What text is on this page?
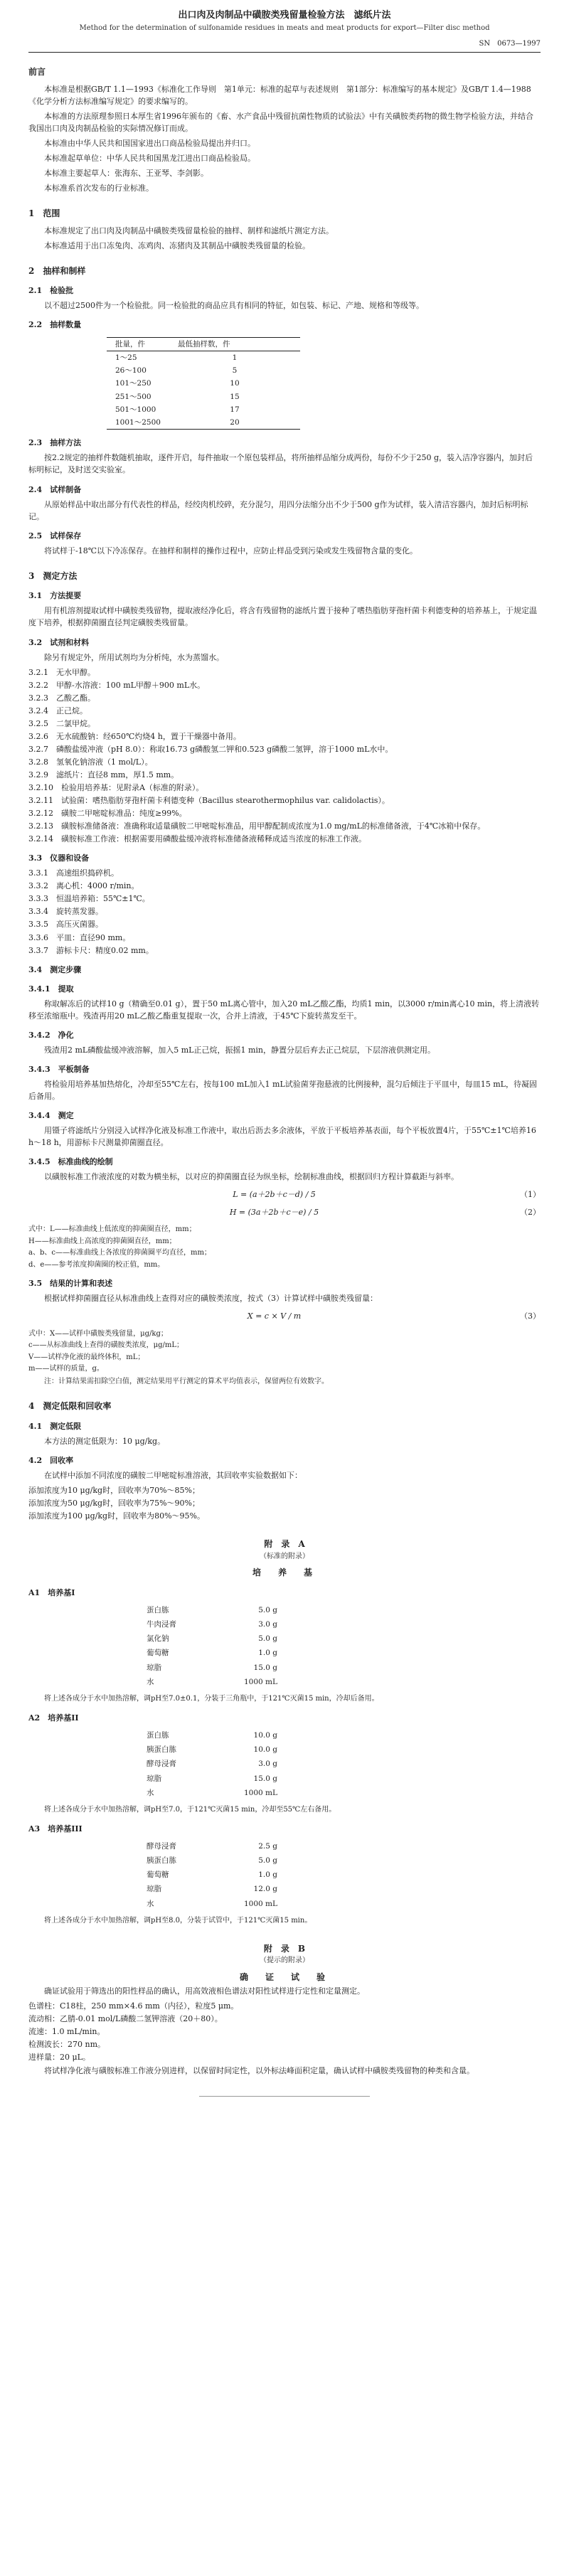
出口肉及肉制品中磺胺类残留量检验方法　滤纸片法
Method for the determination of sulfonamide residues in meats and meat products for export—Filter disc method
SN　0673—1997
前言

本标准是根据GB/T 1.1—1993《标准化工作导则　第1单元：标准的起草与表述规则　第1部分：标准编写的基本规定》及GB/T 1.4—1988《化学分析方法标准编写规定》的要求编写的。

本标准的方法原理参照日本厚生省1996年颁布的《畜、水产食品中残留抗菌性物质的试验法》中有关磺胺类药物的微生物学检验方法，并结合我国出口肉及肉制品检验的实际情况修订而成。

本标准由中华人民共和国国家进出口商品检验局提出并归口。

本标准起草单位：中华人民共和国黑龙江进出口商品检验局。

本标准主要起草人：张海东、王亚琴、李剑影。

本标准系首次发布的行业标准。

1　范围

本标准规定了出口肉及肉制品中磺胺类残留量检验的抽样、制样和滤纸片测定方法。

本标准适用于出口冻兔肉、冻鸡肉、冻猪肉及其制品中磺胺类残留量的检验。

2　抽样和制样
2.1　检验批

以不超过2500件为一个检验批。同一检验批的商品应具有相同的特征，如包装、标记、产地、规格和等级等。

2.2　抽样数量
批量，件	最低抽样数，件
1～25	1
26～100	5
101～250	10
251～500	15
501～1000	17
1001～2500	20
2.3　抽样方法

按2.2规定的抽样件数随机抽取，逐件开启，每件抽取一个原包装样品，将所抽样品缩分成两份，每份不少于250 g，装入洁净容器内，加封后标明标记，及时送交实验室。

2.4　试样制备

从原始样品中取出部分有代表性的样品，经绞肉机绞碎，充分混匀，用四分法缩分出不少于500 g作为试样，装入清洁容器内，加封后标明标记。

2.5　试样保存

将试样于-18℃以下冷冻保存。在抽样和制样的操作过程中，应防止样品受到污染或发生残留物含量的变化。

3　测定方法
3.1　方法提要

用有机溶剂提取试样中磺胺类残留物，提取液经净化后，将含有残留物的滤纸片置于接种了嗜热脂肪芽孢杆菌卡利德变种的培养基上，于规定温度下培养，根据抑菌圈直径判定磺胺类残留量。

3.2　试剂和材料

除另有规定外，所用试剂均为分析纯，水为蒸馏水。

3.2.1　无水甲醇。

3.2.2　甲醇-水溶液：100 mL甲醇＋900 mL水。

3.2.3　乙酸乙酯。

3.2.4　正己烷。

3.2.5　二氯甲烷。

3.2.6　无水硫酸钠：经650℃灼烧4 h，置于干燥器中备用。

3.2.7　磷酸盐缓冲液（pH 8.0）：称取16.73 g磷酸氢二钾和0.523 g磷酸二氢钾，溶于1000 mL水中。

3.2.8　氢氧化钠溶液（1 mol/L）。

3.2.9　滤纸片：直径8 mm，厚1.5 mm。

3.2.10　检验用培养基：见附录A（标准的附录）。

3.2.11　试验菌：嗜热脂肪芽孢杆菌卡利德变种（Bacillus stearothermophilus var. calidolactis）。

3.2.12　磺胺二甲嘧啶标准品：纯度≥99%。

3.2.13　磺胺标准储备液：准确称取适量磺胺二甲嘧啶标准品，用甲醇配制成浓度为1.0 mg/mL的标准储备液，于4℃冰箱中保存。

3.2.14　磺胺标准工作液：根据需要用磷酸盐缓冲液将标准储备液稀释成适当浓度的标准工作液。

3.3　仪器和设备

3.3.1　高速组织捣碎机。

3.3.2　离心机：4000 r/min。

3.3.3　恒温培养箱：55℃±1℃。

3.3.4　旋转蒸发器。

3.3.5　高压灭菌器。

3.3.6　平皿：直径90 mm。

3.3.7　游标卡尺：精度0.02 mm。

3.4　测定步骤
3.4.1　提取

称取解冻后的试样10 g（精确至0.01 g），置于50 mL离心管中，加入20 mL乙酸乙酯，均质1 min，以3000 r/min离心10 min，将上清液转移至浓缩瓶中。残渣再用20 mL乙酸乙酯重复提取一次，合并上清液，于45℃下旋转蒸发至干。

3.4.2　净化

残渣用2 mL磷酸盐缓冲液溶解，加入5 mL正己烷，振摇1 min，静置分层后弃去正己烷层，下层溶液供测定用。

3.4.3　平板制备

将检验用培养基加热熔化，冷却至55℃左右，按每100 mL加入1 mL试验菌芽孢悬液的比例接种，混匀后倾注于平皿中，每皿15 mL，待凝固后备用。

3.4.4　测定

用镊子将滤纸片分别浸入试样净化液及标准工作液中，取出后沥去多余液体，平放于平板培养基表面，每个平板放置4片，于55℃±1℃培养16 h～18 h，用游标卡尺测量抑菌圈直径。

3.4.5　标准曲线的绘制

以磺胺标准工作液浓度的对数为横坐标，以对应的抑菌圈直径为纵坐标，绘制标准曲线，根据回归方程计算截距与斜率。

L = (a＋2b＋c－d) / 5	（1）
H = (3a＋2b＋c－e) / 5	（2）

式中：L——标准曲线上低浓度的抑菌圈直径，mm；

H——标准曲线上高浓度的抑菌圈直径，mm；

a、b、c——标准曲线上各浓度的抑菌圈平均直径，mm；

d、e——参考浓度抑菌圈的校正值，mm。

3.5　结果的计算和表述

根据试样抑菌圈直径从标准曲线上查得对应的磺胺类浓度，按式（3）计算试样中磺胺类残留量：

X = c × V / m	（3）

式中：X——试样中磺胺类残留量，μg/kg；

c——从标准曲线上查得的磺胺类浓度，μg/mL；

V——试样净化液的最终体积，mL；

m——试样的质量，g。

注：计算结果需扣除空白值，测定结果用平行测定的算术平均值表示，保留两位有效数字。

4　测定低限和回收率
4.1　测定低限

本方法的测定低限为：10 μg/kg。

4.2　回收率

在试样中添加不同浓度的磺胺二甲嘧啶标准溶液，其回收率实验数据如下：

添加浓度为10 μg/kg时，回收率为70%～85%；

添加浓度为50 μg/kg时，回收率为75%～90%；

添加浓度为100 μg/kg时，回收率为80%～95%。

附　录　A
（标准的附录）
培　养　基
A1　培养基I
蛋白胨	5.0 g
牛肉浸膏	3.0 g
氯化钠	5.0 g
葡萄糖	1.0 g
琼脂	15.0 g
水	1000 mL

将上述各成分于水中加热溶解，调pH至7.0±0.1，分装于三角瓶中，于121℃灭菌15 min，冷却后备用。

A2　培养基II
蛋白胨	10.0 g
胰蛋白胨	10.0 g
酵母浸膏	3.0 g
琼脂	15.0 g
水	1000 mL

将上述各成分于水中加热溶解，调pH至7.0，于121℃灭菌15 min，冷却至55℃左右备用。

A3　培养基III
酵母浸膏	2.5 g
胰蛋白胨	5.0 g
葡萄糖	1.0 g
琼脂	12.0 g
水	1000 mL

将上述各成分于水中加热溶解，调pH至8.0，分装于试管中，于121℃灭菌15 min。

附　录　B
（提示的附录）
确　证　试　验

确证试验用于筛选出的阳性样品的确认，用高效液相色谱法对阳性试样进行定性和定量测定。

色谱柱：C18柱，250 mm×4.6 mm（内径），粒度5 μm。

流动相：乙腈-0.01 mol/L磷酸二氢钾溶液（20＋80）。

流速：1.0 mL/min。

检测波长：270 nm。

进样量：20 μL。

将试样净化液与磺胺标准工作液分别进样，以保留时间定性，以外标法峰面积定量，确认试样中磺胺类残留物的种类和含量。
